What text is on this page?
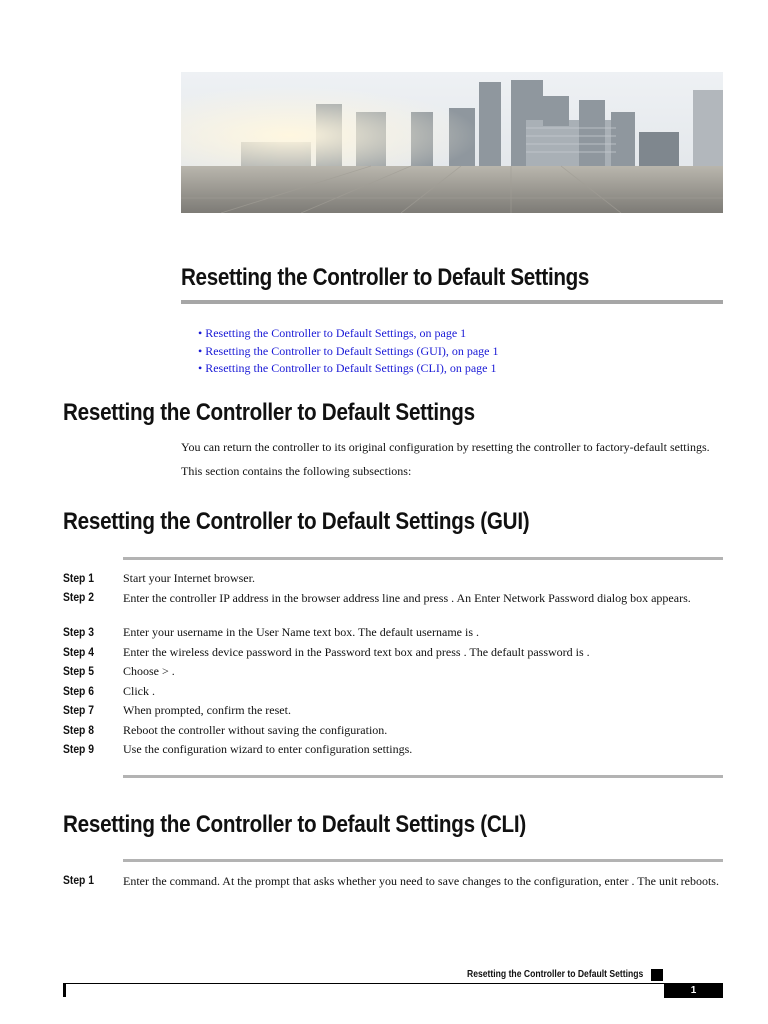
Resetting the Controller to Default Settings
• Resetting the Controller to Default Settings, on page 1
• Resetting the Controller to Default Settings (GUI), on page 1
• Resetting the Controller to Default Settings (CLI), on page 1
Resetting the Controller to Default Settings
You can return the controller to its original configuration by resetting the controller to factory-default settings.
This section contains the following subsections:
Resetting the Controller to Default Settings (GUI)
Step 1 Start your Internet browser.
Step 2 Enter the controller IP address in the browser address line and press . An Enter Network Password dialog box appears.
Step 3 Enter your username in the User Name text box. The default username is .
Step 4 Enter the wireless device password in the Password text box and press . The default password is .
Step 5 Choose > .
Step 6 Click .
Step 7 When prompted, confirm the reset.
Step 8 Reboot the controller without saving the configuration.
Step 9 Use the configuration wizard to enter configuration settings.
Resetting the Controller to Default Settings (CLI)
Step 1 Enter the command. At the prompt that asks whether you need to save changes to the configuration, enter . The unit reboots.
Resetting the Controller to Default Settings
1
